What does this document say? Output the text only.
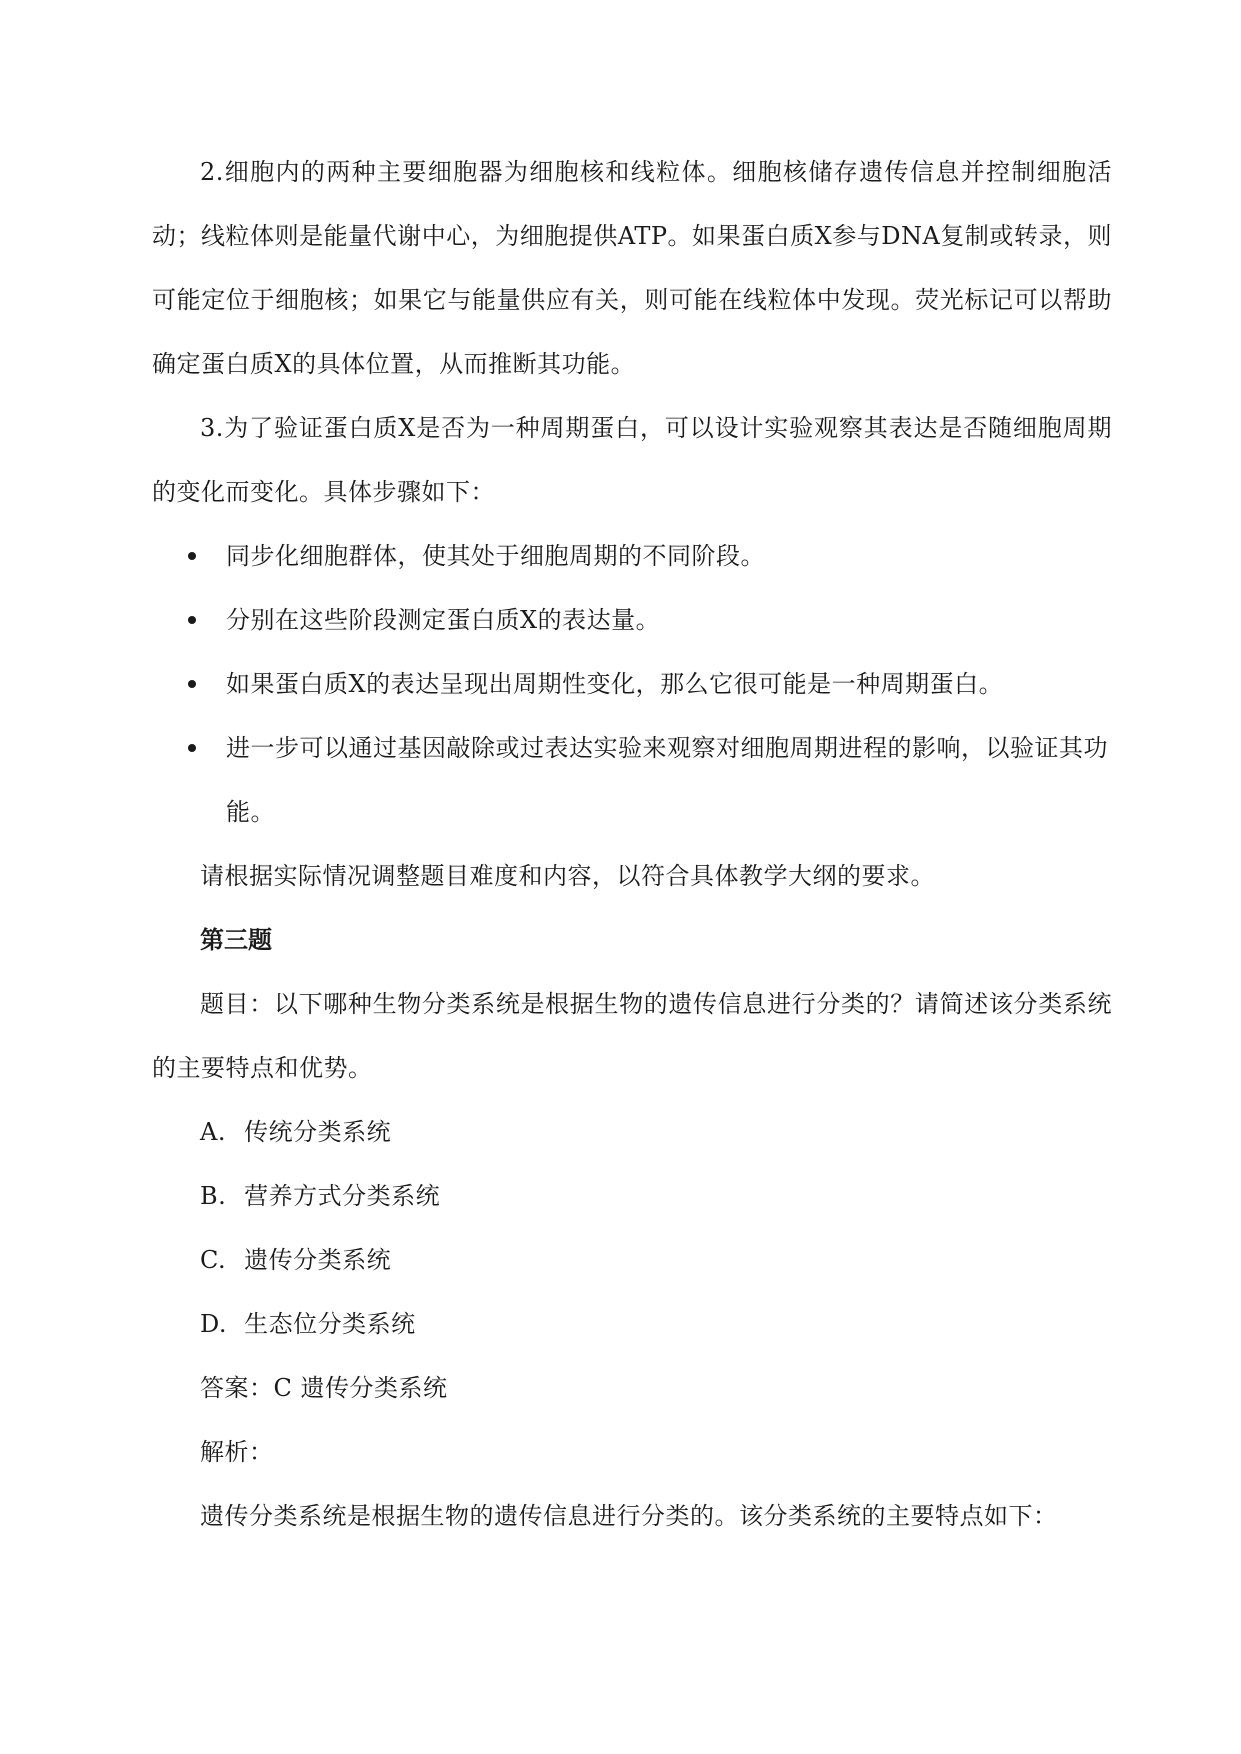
2.细胞内的两种主要细胞器为细胞核和线粒体。细胞核储存遗传信息并控制细胞活动；线粒体则是能量代谢中心，为细胞提供ATP。如果蛋白质X参与DNA复制或转录，则可能定位于细胞核；如果它与能量供应有关，则可能在线粒体中发现。荧光标记可以帮助确定蛋白质X的具体位置，从而推断其功能。

3.为了验证蛋白质X是否为一种周期蛋白，可以设计实验观察其表达是否随细胞周期的变化而变化。具体步骤如下：

同步化细胞群体，使其处于细胞周期的不同阶段。
分别在这些阶段测定蛋白质X的表达量。
如果蛋白质X的表达呈现出周期性变化，那么它很可能是一种周期蛋白。
进一步可以通过基因敲除或过表达实验来观察对细胞周期进程的影响，以验证其功能。

请根据实际情况调整题目难度和内容，以符合具体教学大纲的要求。

第三题

题目：以下哪种生物分类系统是根据生物的遗传信息进行分类的？请简述该分类系统的主要特点和优势。

A. 传统分类系统

B. 营养方式分类系统

C. 遗传分类系统

D. 生态位分类系统

答案：C 遗传分类系统

解析：

遗传分类系统是根据生物的遗传信息进行分类的。该分类系统的主要特点如下：
